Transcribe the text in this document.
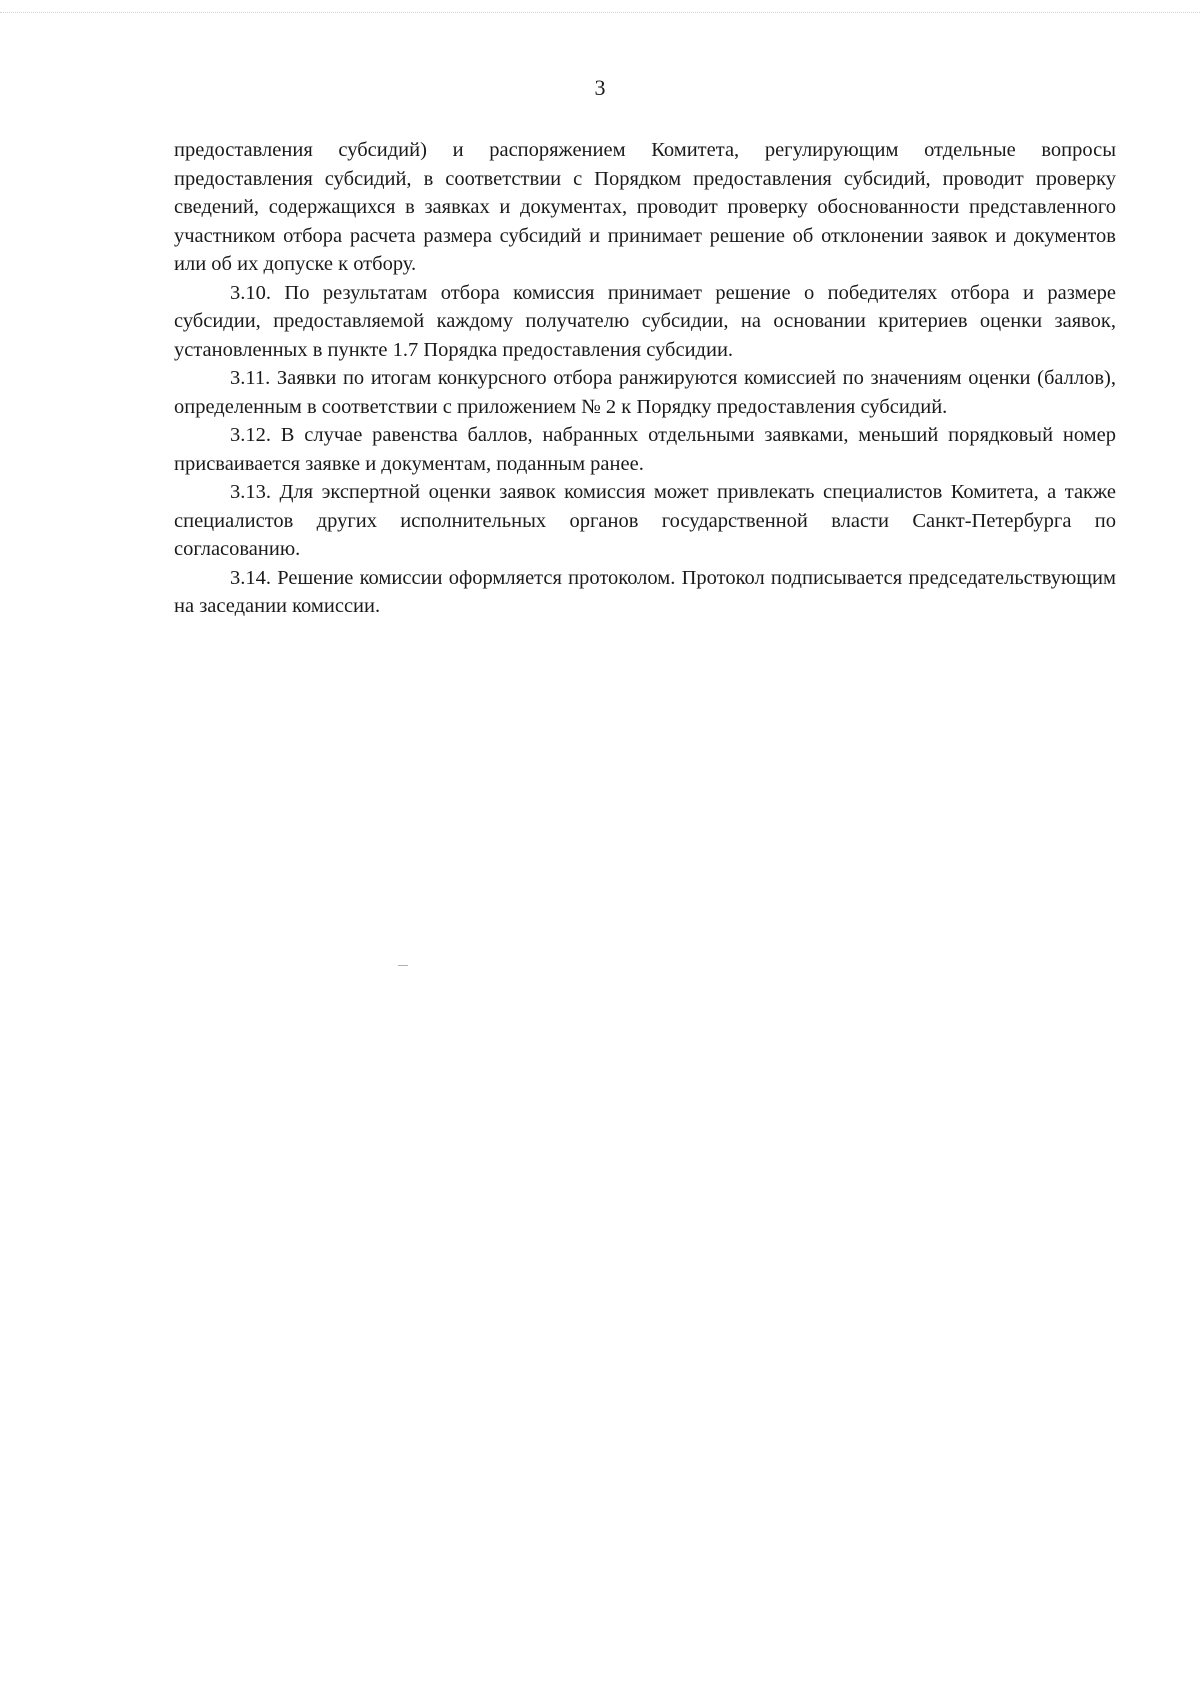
3

предоставления субсидий) и распоряжением Комитета, регулирующим отдельные вопросы предоставления субсидий, в соответствии с Порядком предоставления субсидий, проводит проверку сведений, содержащихся в заявках и документах, проводит проверку обоснованности представленного участником отбора расчета размера субсидий и принимает решение об отклонении заявок и документов или об их допуске к отбору.

3.10. По результатам отбора комиссия принимает решение о победителях отбора и размере субсидии, предоставляемой каждому получателю субсидии, на основании критериев оценки заявок, установленных в пункте 1.7 Порядка предоставления субсидии.

3.11. Заявки по итогам конкурсного отбора ранжируются комиссией по значениям оценки (баллов), определенным в соответствии с приложением № 2 к Порядку предоставления субсидий.

3.12. В случае равенства баллов, набранных отдельными заявками, меньший порядковый номер присваивается заявке и документам, поданным ранее.

3.13. Для экспертной оценки заявок комиссия может привлекать специалистов Комитета, а также специалистов других исполнительных органов государственной власти Санкт-Петербурга по согласованию.

3.14. Решение комиссии оформляется протоколом. Протокол подписывается председательствующим на заседании комиссии.
